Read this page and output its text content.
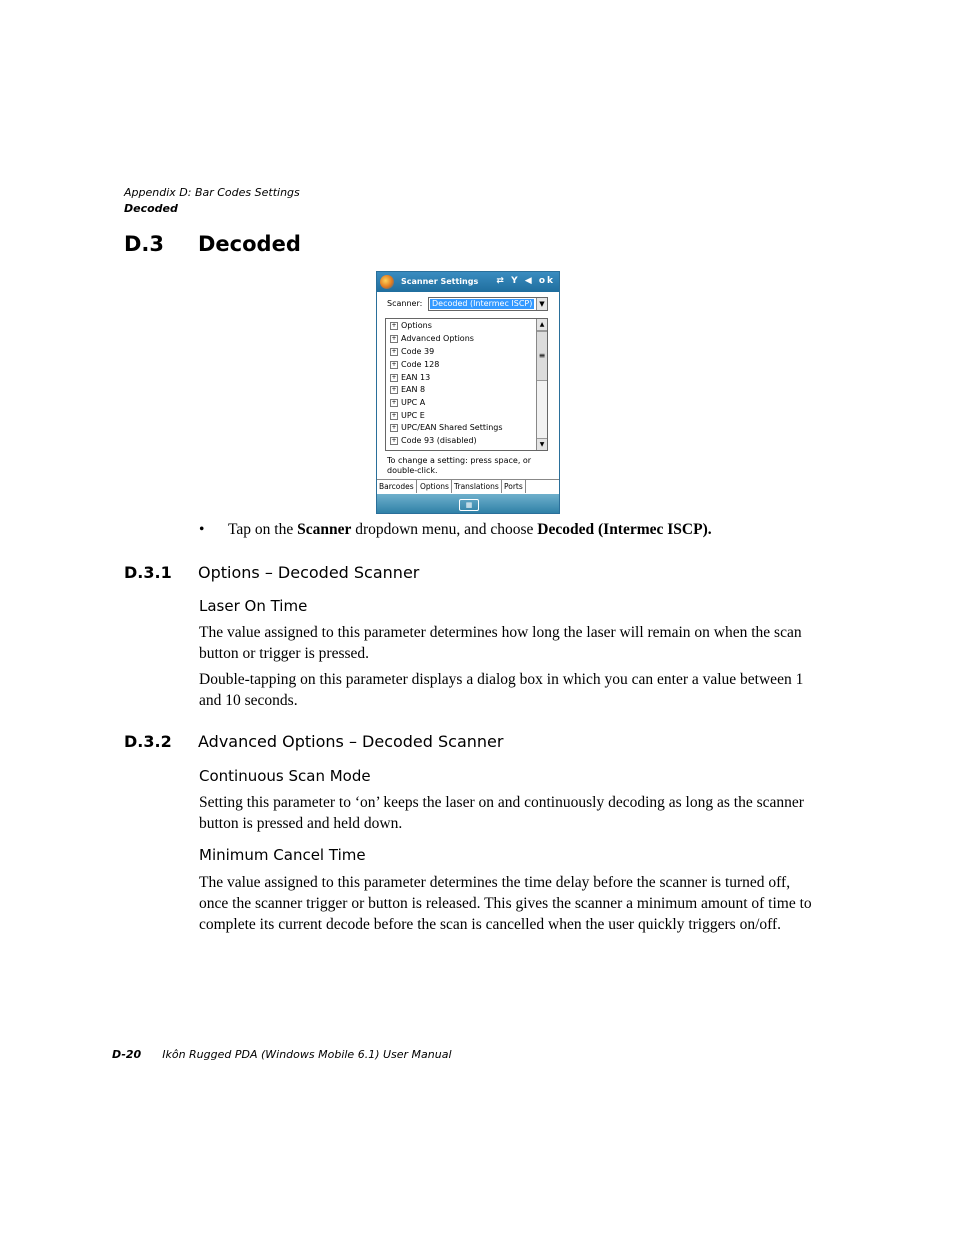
Appendix D: Bar Codes Settings
Decoded
D.3 Decoded
Scanner Settings ⇄ Y ◀ ok
Scanner: Decoded (Intermec ISCP) ▼
+ Options
+ Advanced Options
+ Code 39
+ Code 128
+ EAN 13
+ EAN 8
+ UPC A
+ UPC E
+ UPC/EAN Shared Settings
+ Code 93 (disabled)
▲
≡
▼
To change a setting: press space, or double-click.
Barcodes Options Translations Ports
▦
• Tap on the Scanner dropdown menu, and choose Decoded (Intermec ISCP).
D.3.1 Options – Decoded Scanner
Laser On Time
The value assigned to this parameter determines how long the laser will remain on when the scan button or trigger is pressed.
Double-tapping on this parameter displays a dialog box in which you can enter a value between 1 and 10 seconds.
D.3.2 Advanced Options – Decoded Scanner
Continuous Scan Mode
Setting this parameter to ‘on’ keeps the laser on and continuously decoding as long as the scanner button is pressed and held down.
Minimum Cancel Time
The value assigned to this parameter determines the time delay before the scanner is turned off, once the scanner trigger or button is released. This gives the scanner a minimum amount of time to complete its current decode before the scan is cancelled when the user quickly triggers on/off.
D-20 Ikôn Rugged PDA (Windows Mobile 6.1) User Manual
